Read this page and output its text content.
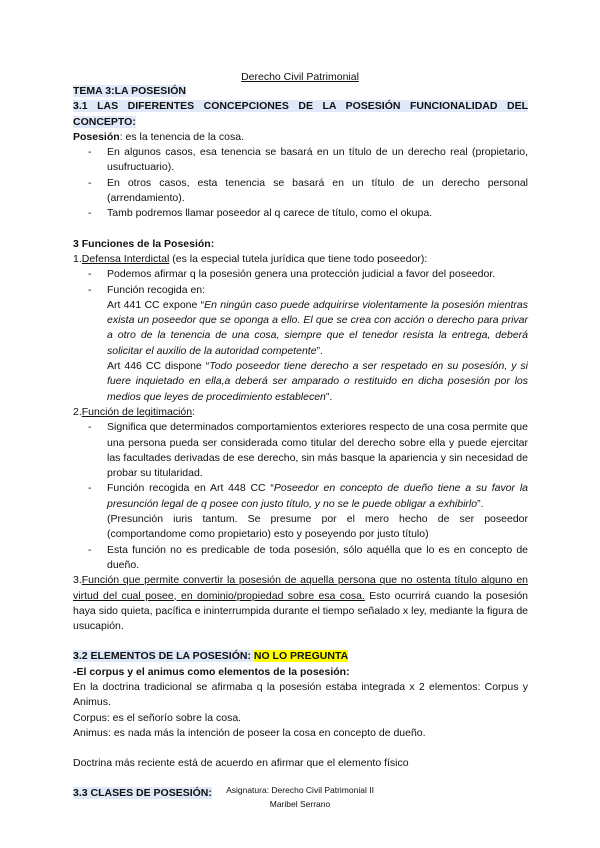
Derecho Civil Patrimonial

TEMA 3:LA POSESIÓN

3.1 LAS DIFERENTES CONCEPCIONES DE LA POSESIÓN FUNCIONALIDAD DEL CONCEPTO:

Posesión: es la tenencia de la cosa.

- En algunos casos, esa tenencia se basará en un título de un derecho real (propietario, usufructuario).
- En otros casos, esta tenencia se basará en un título de un derecho personal (arrendamiento).
- Tamb podremos llamar poseedor al q carece de título, como el okupa.

3 Funciones de la Posesión:

1.Defensa Interdictal (es la especial tutela jurídica que tiene todo poseedor):

- Podemos afirmar q la posesión genera una protección judicial a favor del poseedor.
- Función recogida en:
Art 441 CC expone “En ningún caso puede adquirirse violentamente la posesión mientras exista un poseedor que se oponga a ello. El que se crea con acción o derecho para privar a otro de la tenencia de una cosa, siempre que el tenedor resista la entrega, deberá solicitar el auxilio de la autoridad competente”.
Art 446 CC dispone “Todo poseedor tiene derecho a ser respetado en su posesión, y si fuere inquietado en ella,a deberá ser amparado o restituido en dicha posesión por los medios que leyes de procedimiento establecen”.

2.Función de legitimación:

- Significa que determinados comportamientos exteriores respecto de una cosa permite que una persona pueda ser considerada como titular del derecho sobre ella y puede ejercitar las facultades derivadas de ese derecho, sin más basque la apariencia y sin necesidad de probar su titularidad.
- Función recogida en Art 448 CC “Poseedor en concepto de dueño tiene a su favor la presunción legal de q posee con justo título, y no se le puede obligar a exhibirlo”.
(Presunción iuris tantum. Se presume por el mero hecho de ser poseedor (comportandome como propietario) esto y poseyendo por justo título)
- Esta función no es predicable de toda posesión, sólo aquélla que lo es en concepto de dueño.

3.Función que permite convertir la posesión de aquella persona que no ostenta título alguno en virtud del cual posee, en dominio/propiedad sobre esa cosa. Esto ocurrirá cuando la posesión haya sido quieta, pacífica e ininterrumpida durante el tiempo señalado x ley, mediante la figura de usucapión.

3.2 ELEMENTOS DE LA POSESIÓN: NO LO PREGUNTA

-El corpus y el animus como elementos de la posesión:

En la doctrina tradicional se afirmaba q la posesión estaba integrada x 2 elementos: Corpus y Animus.

Corpus: es el señorío sobre la cosa.

Animus: es nada más la intención de poseer la cosa en concepto de dueño.

Doctrina más reciente está de acuerdo en afirmar que el elemento físico

3.3 CLASES DE POSESIÓN:	Asignatura: Derecho Civil Patrimonial II
Maribel Serrano
